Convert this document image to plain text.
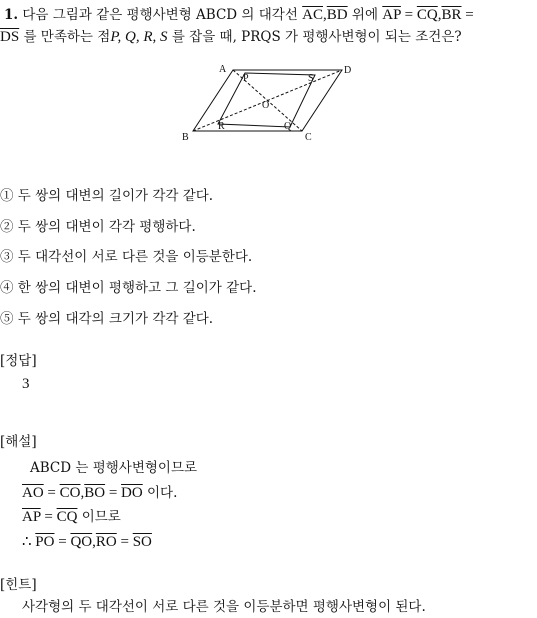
1. 다음 그림과 같은 평행사변형 ABCD 의 대각선 $\overline{AC},\overline{BD}$ 위에 $\overline{AP} = \overline{CQ},\overline{BR}$ =
$\overline{DS}$ 를 만족하는 점P, Q, R, S 를 잡을 때, PRQS 가 평행사변형이 되는 조건은?
A	D
B	C
P	S
O
R	Q
① 두 쌍의 대변의 길이가 각각 같다.
② 두 쌍의 대변이 각각 평행하다.
③ 두 대각선이 서로 다른 것을 이등분한다.
④ 한 쌍의 대변이 평행하고 그 길이가 같다.
⑤ 두 쌍의 대각의 크기가 각각 같다.
[정답]
3
[해설]
ABCD 는 평행사변형이므로
$\overline{AO} = \overline{CO},\overline{BO} = \overline{DO}$ 이다.
$\overline{AP} = \overline{CQ}$ 이므로
∴ $\overline{PO} = \overline{QO},\overline{RO} = \overline{SO}$
[힌트]
사각형의 두 대각선이 서로 다른 것을 이등분하면 평행사변형이 된다.
